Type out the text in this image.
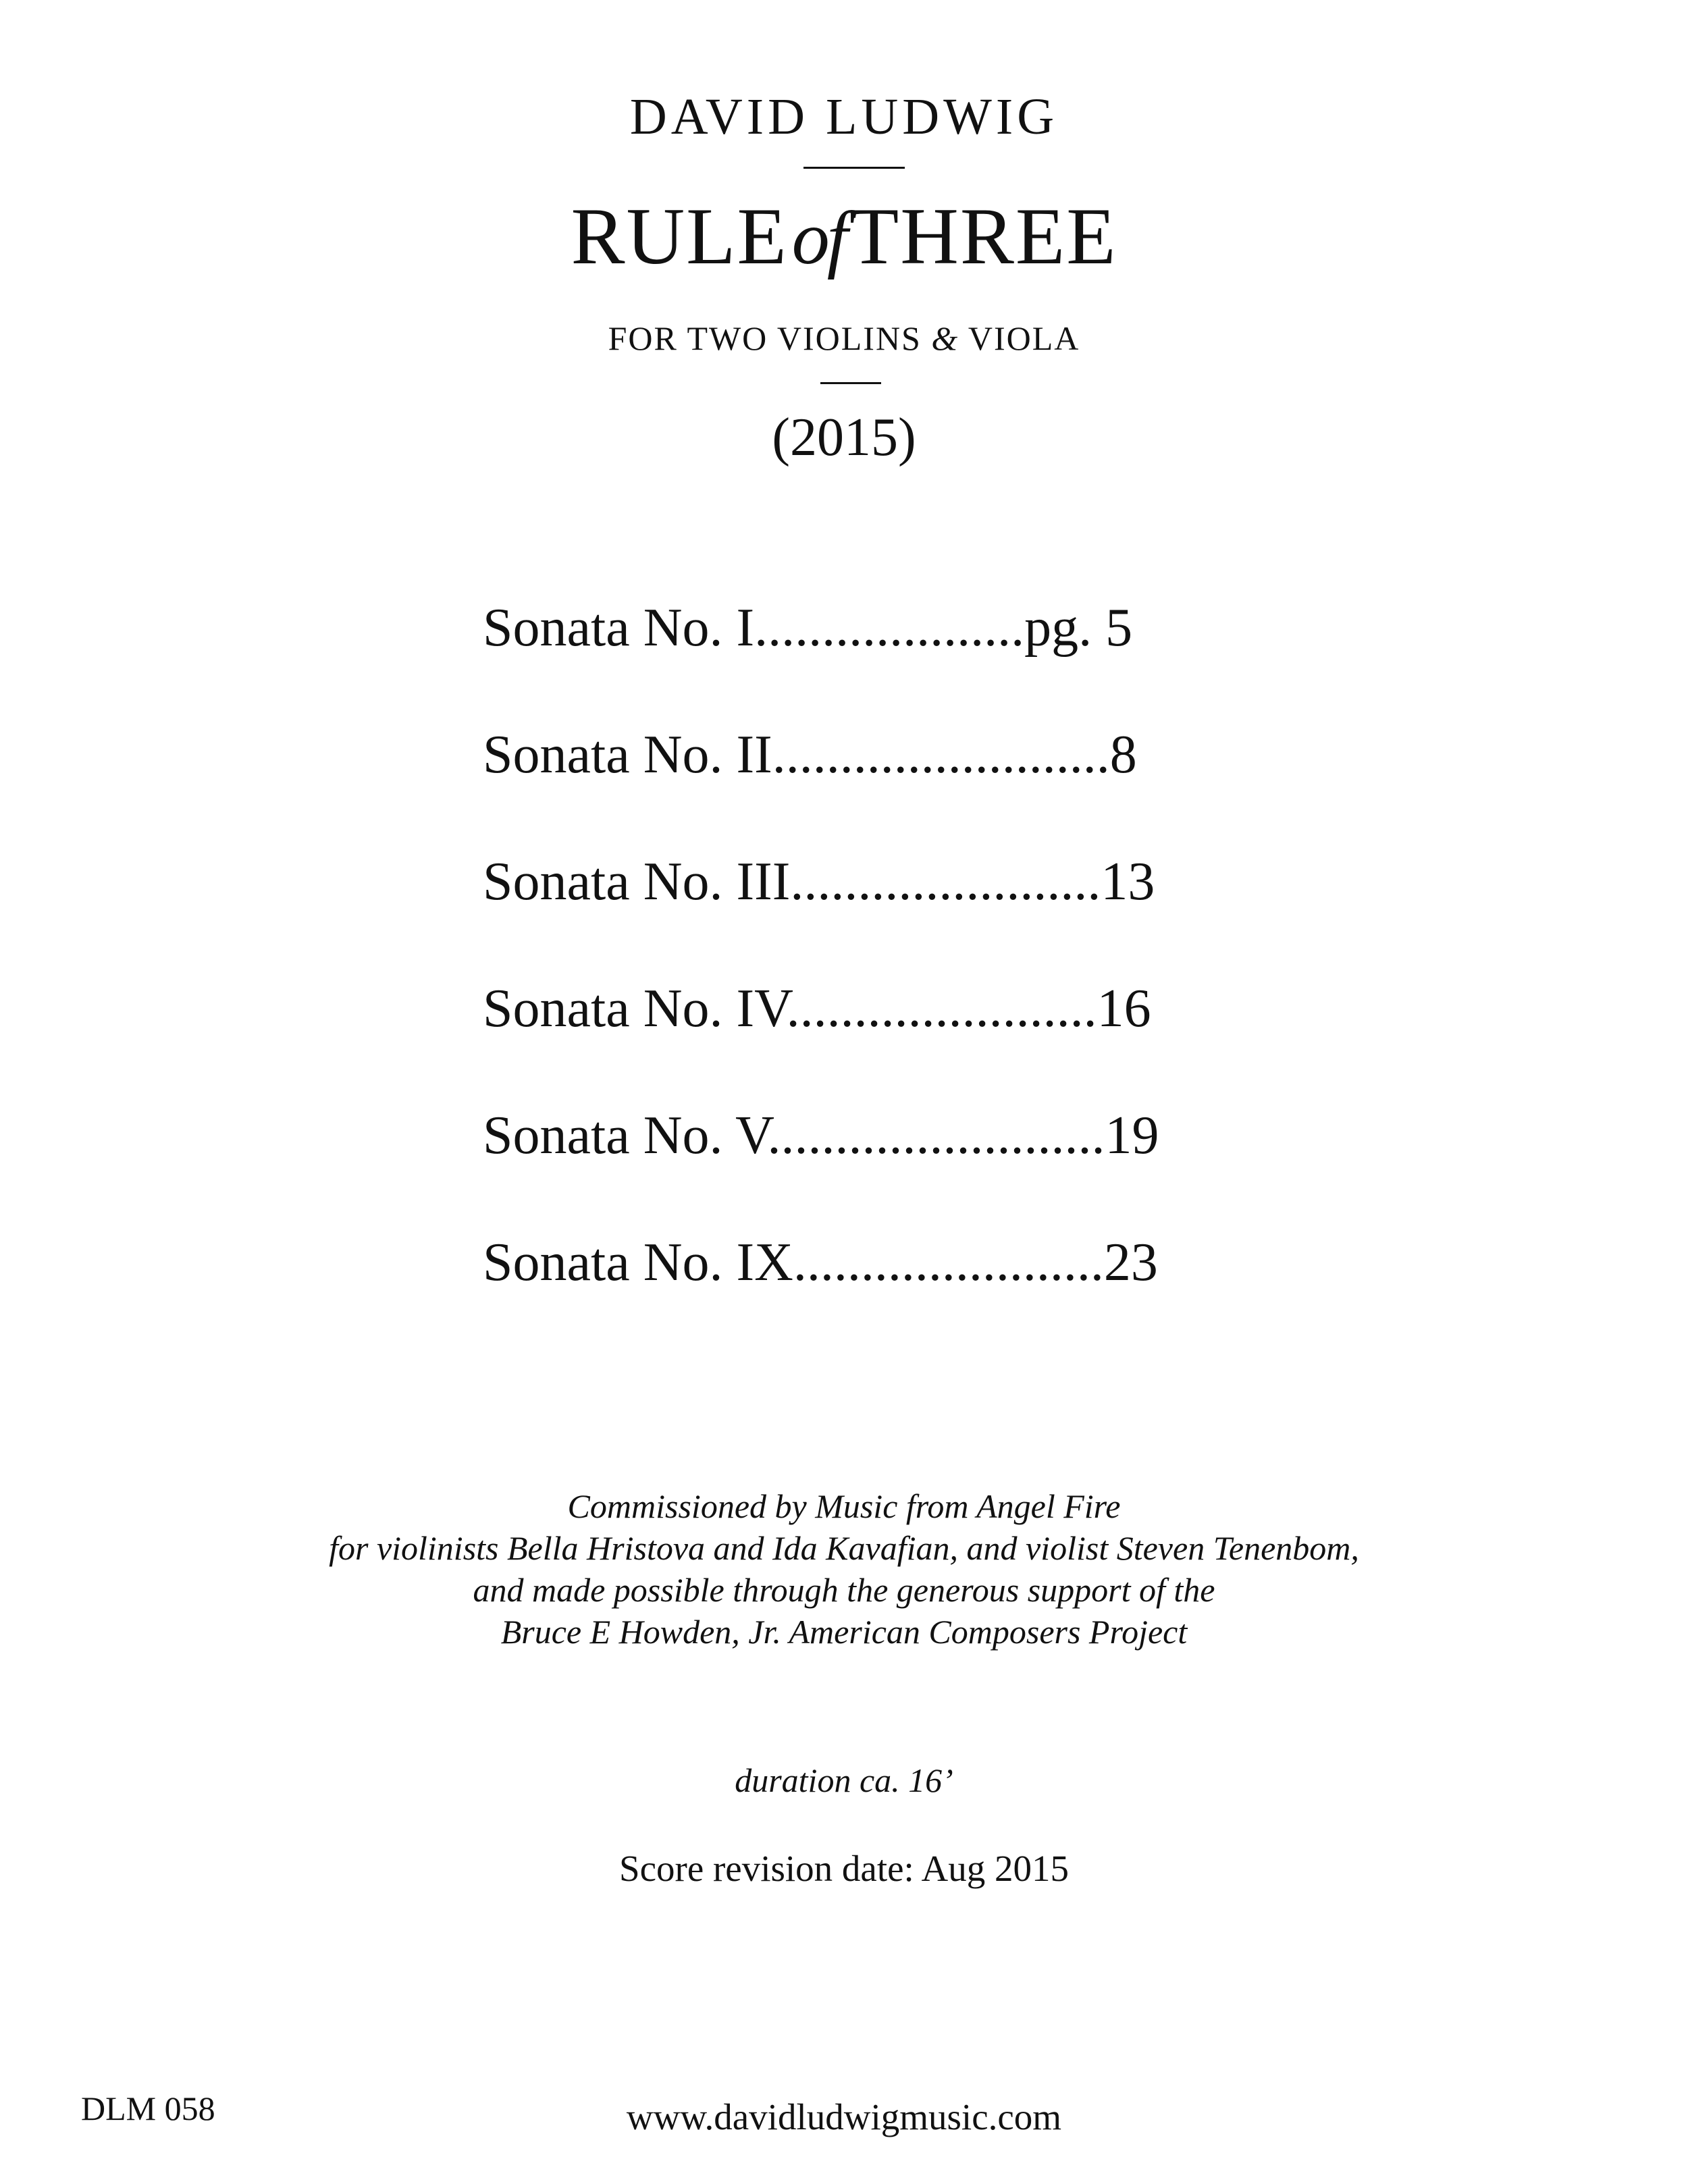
DAVID LUDWIG
RULEofTHREE
FOR TWO VIOLINS & VIOLA
(2015)
Sonata No. I....................pg. 5
Sonata No. II.........................8
Sonata No. III.......................13
Sonata No. IV.......................16
Sonata No. V.........................19
Sonata No. IX.......................23
Commissioned by Music from Angel Fire
for violinists Bella Hristova and Ida Kavafian, and violist Steven Tenenbom,
and made possible through the generous support of the
Bruce E Howden, Jr. American Composers Project
duration ca. 16’
Score revision date: Aug 2015
DLM 058	www.davidludwigmusic.com
